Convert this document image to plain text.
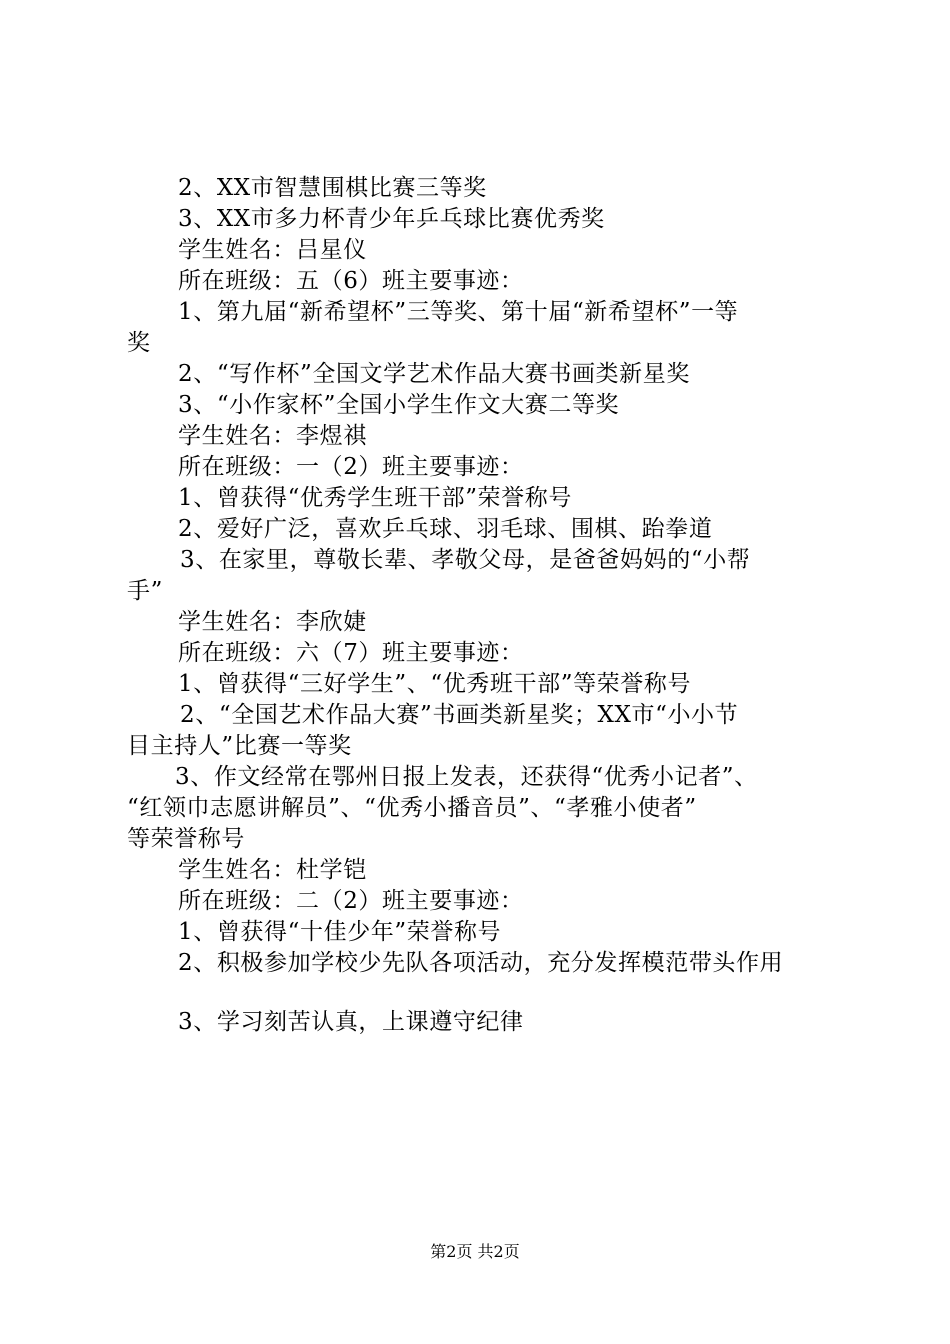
2、XX市智慧围棋比赛三等奖
3、XX市多力杯青少年乒乓球比赛优秀奖
学生姓名：吕星仪
所在班级：五（6）班主要事迹：
1、第九届“新希望杯”三等奖、第十届“新希望杯”一等
奖
2、“写作杯”全国文学艺术作品大赛书画类新星奖
3、“小作家杯”全国小学生作文大赛二等奖
学生姓名：李煜祺
所在班级：一（2）班主要事迹：
1、曾获得“优秀学生班干部”荣誉称号
2、爱好广泛，喜欢乒乓球、羽毛球、围棋、跆拳道
3、在家里，尊敬长辈、孝敬父母，是爸爸妈妈的“小帮
手”
学生姓名：李欣婕
所在班级：六（7）班主要事迹：
1、曾获得“三好学生”、“优秀班干部”等荣誉称号
2、“全国艺术作品大赛”书画类新星奖；XX市“小小节
目主持人”比赛一等奖
3、作文经常在鄂州日报上发表，还获得“优秀小记者”、
“红领巾志愿讲解员”、“优秀小播音员”、“孝雅小使者”
等荣誉称号
学生姓名：杜学铠
所在班级：二（2）班主要事迹：
1、曾获得“十佳少年”荣誉称号
2、积极参加学校少先队各项活动，充分发挥模范带头作用
3、学习刻苦认真，上课遵守纪律
第2页 共2页
